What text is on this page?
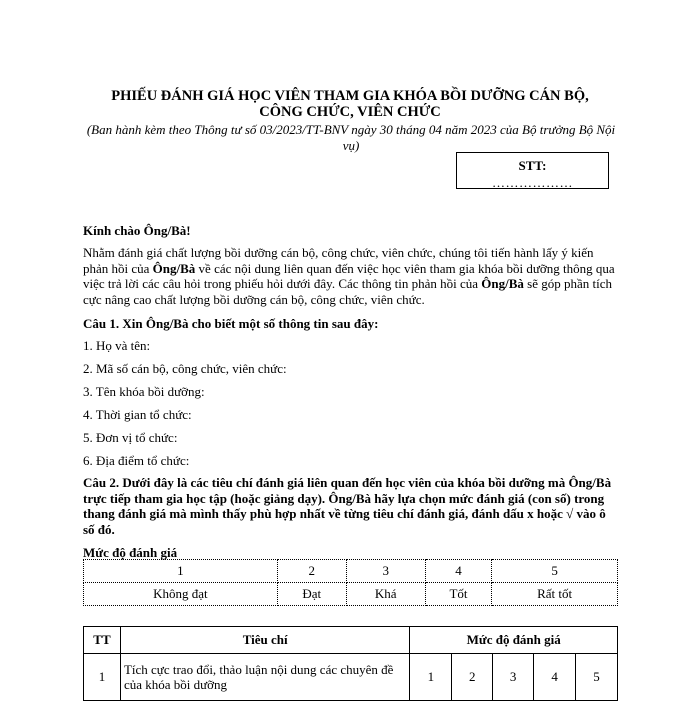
PHIẾU ĐÁNH GIÁ HỌC VIÊN THAM GIA KHÓA BỒI DƯỠNG CÁN BỘ, CÔNG CHỨC, VIÊN CHỨC
(Ban hành kèm theo Thông tư số 03/2023/TT-BNV ngày 30 tháng 04 năm 2023 của Bộ trưởng Bộ Nội vụ)
STT:
………………
Kính chào Ông/Bà!
Nhằm đánh giá chất lượng bồi dưỡng cán bộ, công chức, viên chức, chúng tôi tiến hành lấy ý kiến phản hồi của Ông/Bà về các nội dung liên quan đến việc học viên tham gia khóa bồi dưỡng thông qua việc trả lời các câu hỏi trong phiếu hỏi dưới đây. Các thông tin phản hồi của Ông/Bà sẽ góp phần tích cực nâng cao chất lượng bồi dưỡng cán bộ, công chức, viên chức.
Câu 1. Xin Ông/Bà cho biết một số thông tin sau đây:
1. Họ và tên:
2. Mã số cán bộ, công chức, viên chức:
3. Tên khóa bồi dưỡng:
4. Thời gian tổ chức:
5. Đơn vị tổ chức:
6. Địa điểm tổ chức:
Câu 2. Dưới đây là các tiêu chí đánh giá liên quan đến học viên của khóa bồi dưỡng mà Ông/Bà trực tiếp tham gia học tập (hoặc giảng dạy). Ông/Bà hãy lựa chọn mức đánh giá (con số) trong thang đánh giá mà mình thấy phù hợp nhất về từng tiêu chí đánh giá, đánh dấu x hoặc √ vào ô số đó.
Mức độ đánh giá
1	2	3	4	5
Không đạt	Đạt	Khá	Tốt	Rất tốt
TT	Tiêu chí	Mức độ đánh giá				
1	Tích cực trao đổi, thảo luận nội dung các chuyên đề của khóa bồi dưỡng	1	2	3	4	5
